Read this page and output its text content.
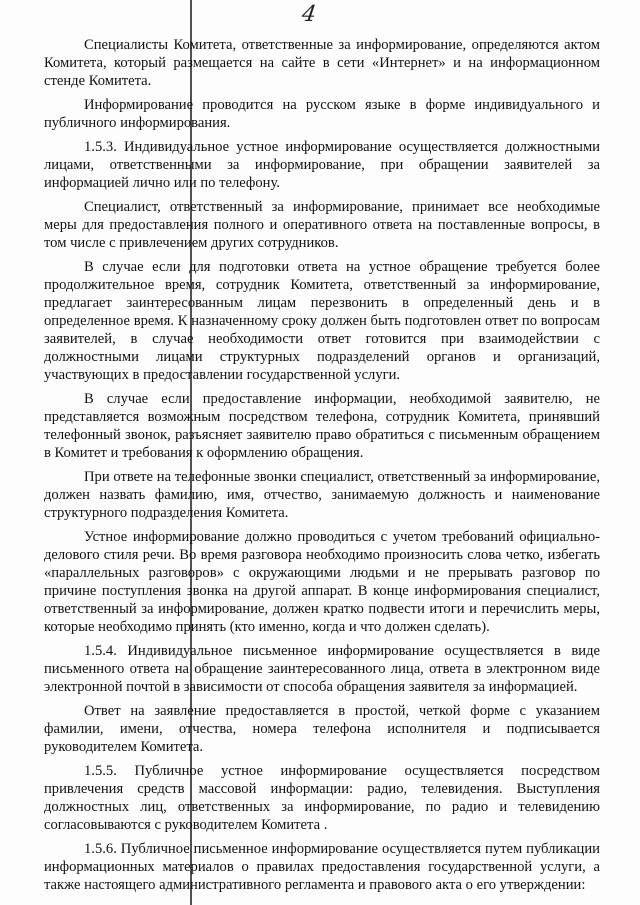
4

Специалисты Комитета, ответственные за информирование, определяются актом Комитета, который размещается на сайте в сети «Интернет» и на информационном стенде Комитета.

Информирование проводится на русском языке в форме индивидуального и публичного информирования.

1.5.3. Индивидуальное устное информирование осуществляется должностными лицами, ответственными за информирование, при обращении заявителей за информацией лично или по телефону.

Специалист, ответственный за информирование, принимает все необходимые меры для предоставления полного и оперативного ответа на поставленные вопросы, в том числе с привлечением других сотрудников.

В случае если для подготовки ответа на устное обращение требуется более продолжительное время, сотрудник Комитета, ответственный за информирование, предлагает заинтересованным лицам перезвонить в определенный день и в определенное время. К назначенному сроку должен быть подготовлен ответ по вопросам заявителей, в случае необходимости ответ готовится при взаимодействии с должностными лицами структурных подразделений органов и организаций, участвующих в предоставлении государственной услуги.

В случае если предоставление информации, необходимой заявителю, не представляется возможным посредством телефона, сотрудник Комитета, принявший телефонный звонок, разъясняет заявителю право обратиться с письменным обращением в Комитет и требования к оформлению обращения.

При ответе на телефонные звонки специалист, ответственный за информирование, должен назвать фамилию, имя, отчество, занимаемую должность и наименование структурного подразделения Комитета.

Устное информирование должно проводиться с учетом требований официально-делового стиля речи. Во время разговора необходимо произносить слова четко, избегать «параллельных разговоров» с окружающими людьми и не прерывать разговор по причине поступления звонка на другой аппарат. В конце информирования специалист, ответственный за информирование, должен кратко подвести итоги и перечислить меры, которые необходимо принять (кто именно, когда и что должен сделать).

1.5.4. Индивидуальное письменное информирование осуществляется в виде письменного ответа на обращение заинтересованного лица, ответа в электронном виде электронной почтой в зависимости от способа обращения заявителя за информацией.

Ответ на заявление предоставляется в простой, четкой форме с указанием фамилии, имени, отчества, номера телефона исполнителя и подписывается руководителем Комитета.

1.5.5. Публичное устное информирование осуществляется посредством привлечения средств массовой информации: радио, телевидения. Выступления должностных лиц, ответственных за информирование, по радио и телевидению согласовываются с руководителем Комитета .

1.5.6. Публичное письменное информирование осуществляется путем публикации информационных материалов о правилах предоставления государственной услуги, а также настоящего административного регламента и правового акта о его утверждении:
